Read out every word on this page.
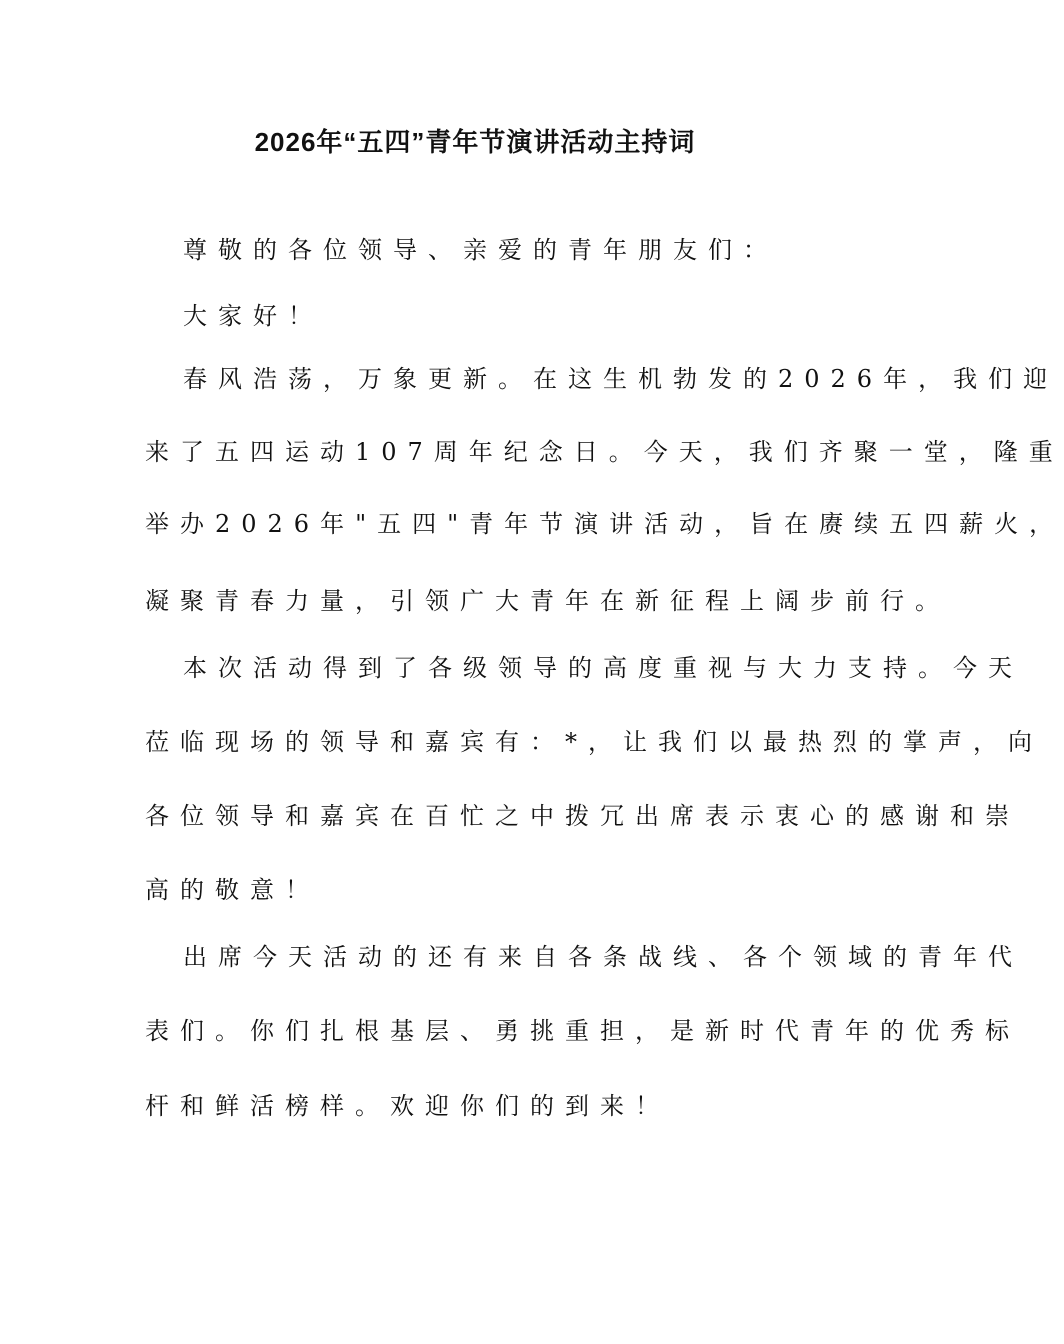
2026年“五四”青年节演讲活动主持词
尊敬的各位领导、亲爱的青年朋友们：
大家好！
春风浩荡，万象更新。在这生机勃发的2026年，我们迎
来了五四运动107周年纪念日。今天，我们齐聚一堂，隆重
举办2026年"五四"青年节演讲活动，旨在赓续五四薪火，
凝聚青春力量，引领广大青年在新征程上阔步前行。
本次活动得到了各级领导的高度重视与大力支持。今天
莅临现场的领导和嘉宾有：*，让我们以最热烈的掌声，向
各位领导和嘉宾在百忙之中拨冗出席表示衷心的感谢和崇
高的敬意！
出席今天活动的还有来自各条战线、各个领域的青年代
表们。你们扎根基层、勇挑重担，是新时代青年的优秀标
杆和鲜活榜样。欢迎你们的到来！
